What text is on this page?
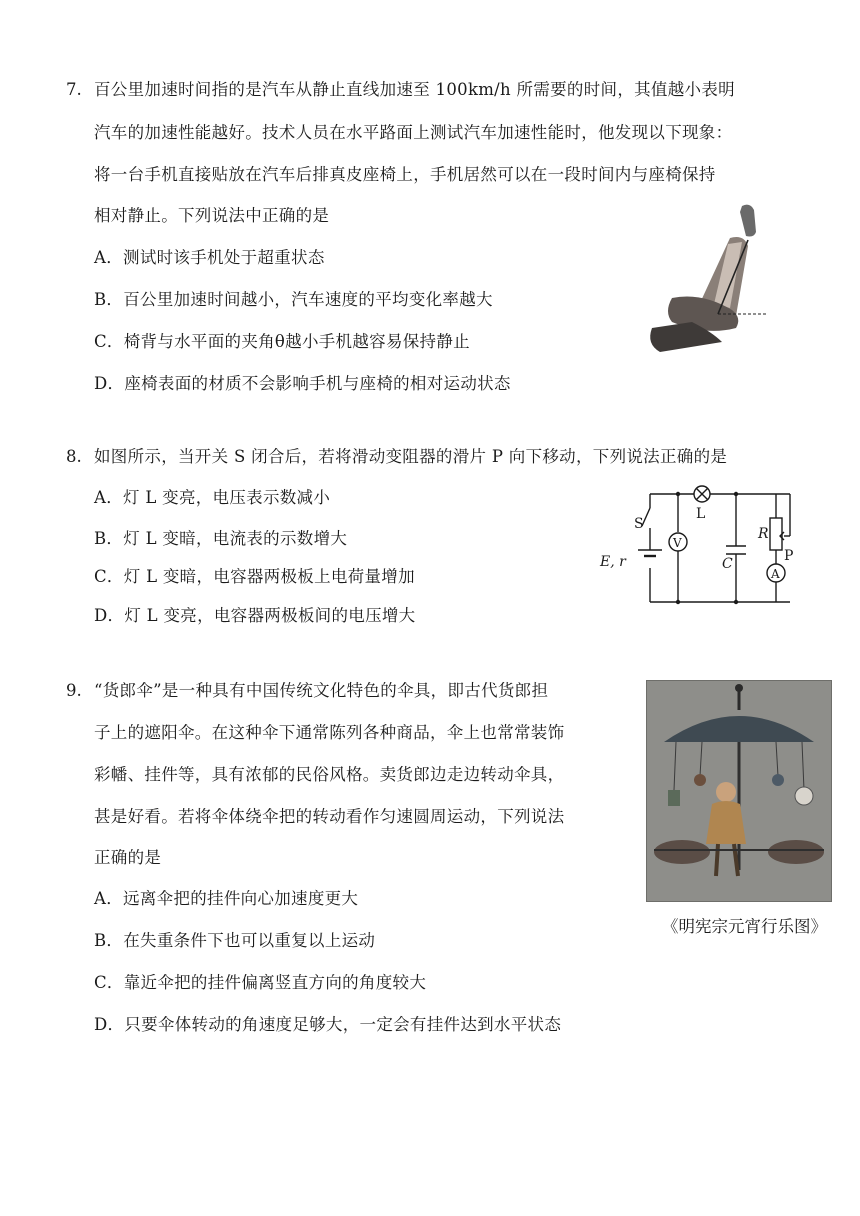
7. 百公里加速时间指的是汽车从静止直线加速至 100km/h 所需要的时间，其值越小表明
汽车的加速性能越好。技术人员在水平路面上测试汽车加速性能时，他发现以下现象：
将一台手机直接贴放在汽车后排真皮座椅上，手机居然可以在一段时间内与座椅保持
相对静止。下列说法中正确的是
A．测试时该手机处于超重状态
B．百公里加速时间越小，汽车速度的平均变化率越大
C．椅背与水平面的夹角θ越小手机越容易保持静止
D．座椅表面的材质不会影响手机与座椅的相对运动状态
8. 如图所示，当开关 S 闭合后，若将滑动变阻器的滑片 P 向下移动，下列说法正确的是
A．灯 L 变亮，电压表示数减小
B．灯 L 变暗，电流表的示数增大
C．灯 L 变暗，电容器两极板上电荷量增加
D．灯 L 变亮，电容器两极板间的电压增大
S
L
V
A
R
P
C
E, r
9. “货郎伞”是一种具有中国传统文化特色的伞具，即古代货郎担
子上的遮阳伞。在这种伞下通常陈列各种商品，伞上也常常装饰
彩幡、挂件等，具有浓郁的民俗风格。卖货郎边走边转动伞具，
甚是好看。若将伞体绕伞把的转动看作匀速圆周运动，下列说法
正确的是
A．远离伞把的挂件向心加速度更大
B．在失重条件下也可以重复以上运动
C．靠近伞把的挂件偏离竖直方向的角度较大
D．只要伞体转动的角速度足够大，一定会有挂件达到水平状态
《明宪宗元宵行乐图》
